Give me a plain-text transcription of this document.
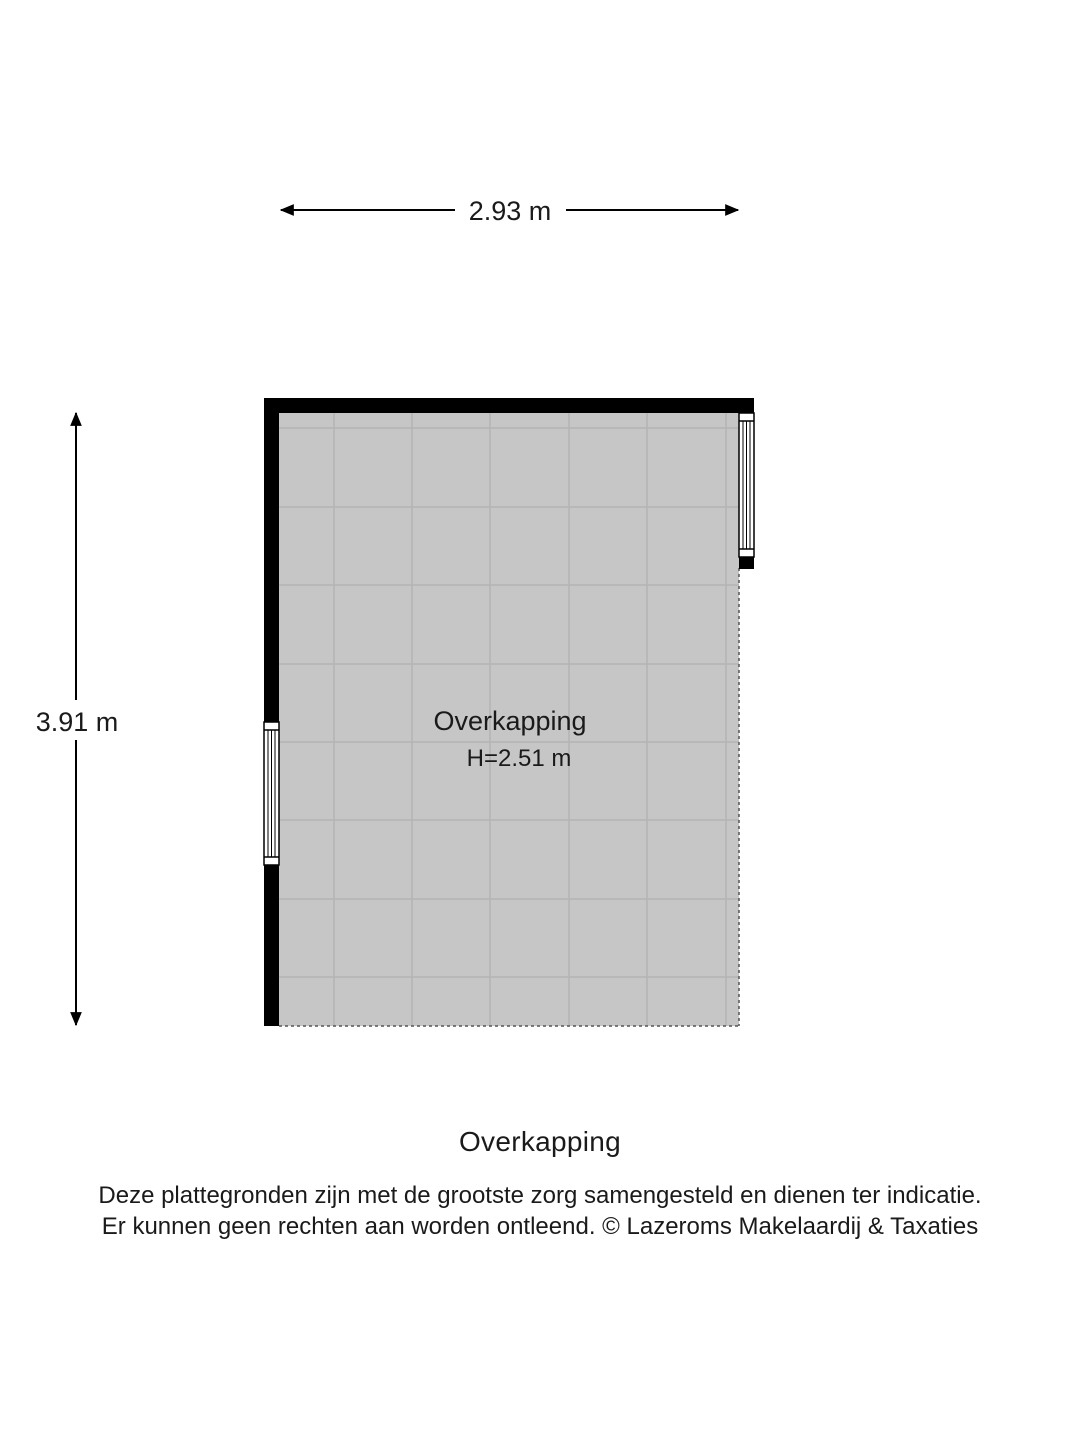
2.93 m
3.91 m	Overkapping
H=2.51 m
Overkapping
Deze plattegronden zijn met de grootste zorg samengesteld en dienen ter indicatie.
Er kunnen geen rechten aan worden ontleend. © Lazeroms Makelaardij & Taxaties
